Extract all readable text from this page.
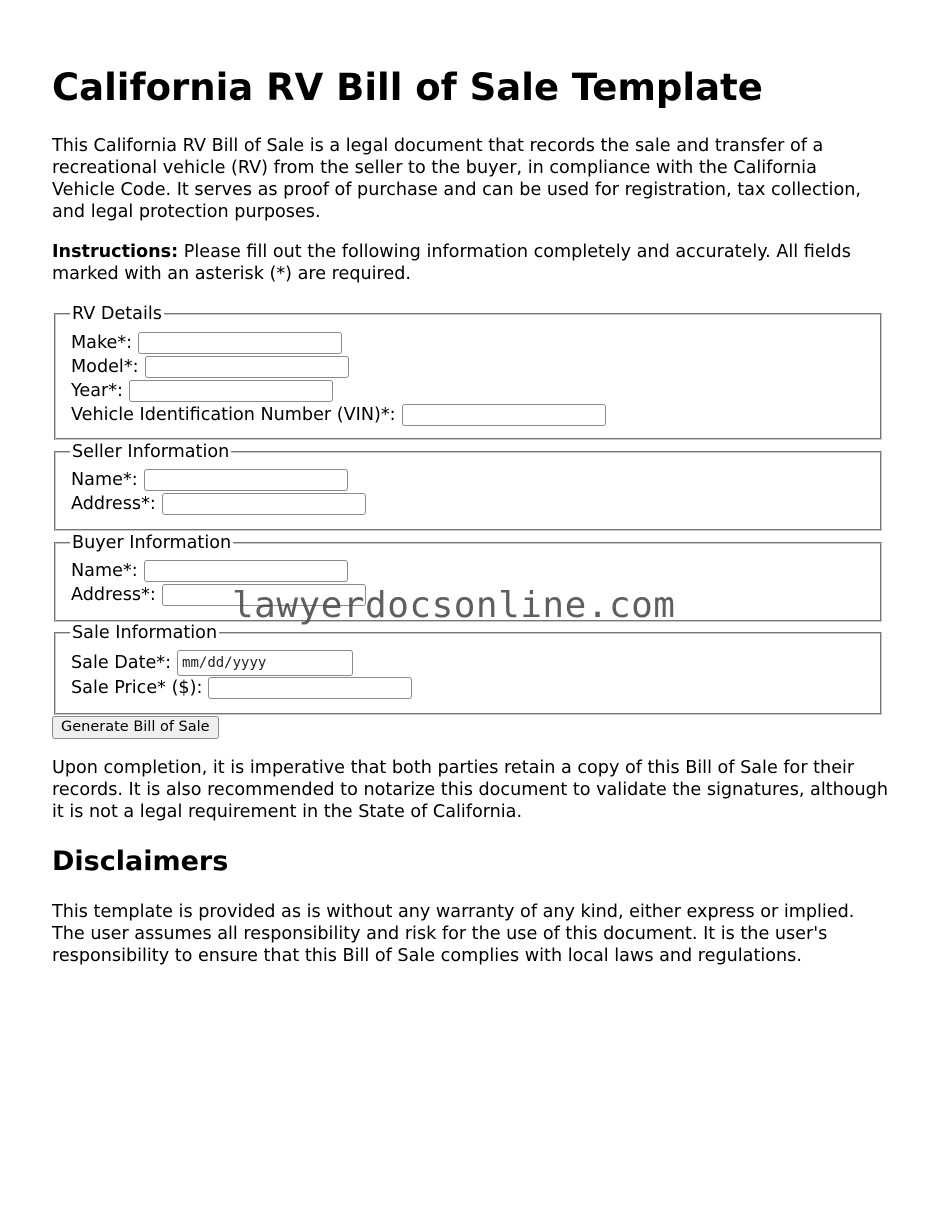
California RV Bill of Sale Template

This California RV Bill of Sale is a legal document that records the sale and transfer of a recreational vehicle (RV) from the seller to the buyer, in compliance with the California Vehicle Code. It serves as proof of purchase and can be used for registration, tax collection, and legal protection purposes.

Instructions: Please fill out the following information completely and accurately. All fields marked with an asterisk (*) are required.

RV Details
Make*:
Model*:
Year*:
Vehicle Identification Number (VIN)*:
Seller Information
Name*:
Address*:
Buyer Information
Name*:
Address*:
Sale Information
Sale Date*:
mm/dd/yyyy
Sale Price* ($):
Generate Bill of Sale

Upon completion, it is imperative that both parties retain a copy of this Bill of Sale for their records. It is also recommended to notarize this document to validate the signatures, although it is not a legal requirement in the State of California.

Disclaimers

This template is provided as is without any warranty of any kind, either express or implied. The user assumes all responsibility and risk for the use of this document. It is the user's responsibility to ensure that this Bill of Sale complies with local laws and regulations.

lawyerdocsonline.com
